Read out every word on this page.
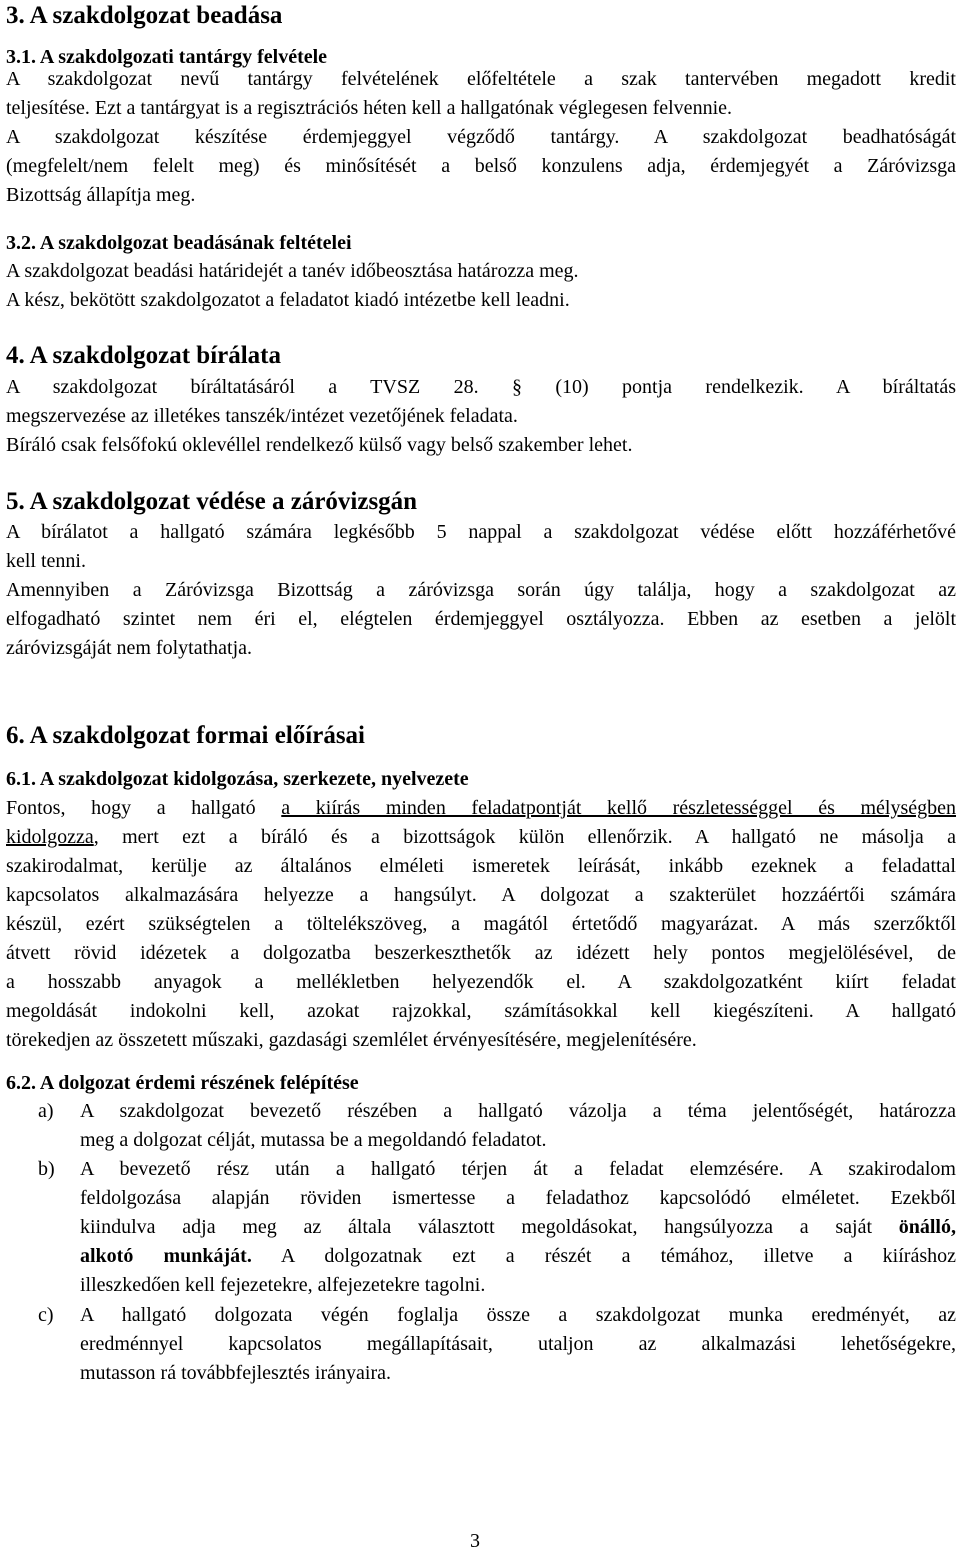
3. A szakdolgozat beadása
3.1. A szakdolgozati tantárgy felvétele
A szakdolgozat nevű tantárgy felvételének előfeltétele a szak tantervében megadott kredit
teljesítése. Ezt a tantárgyat is a regisztrációs héten kell a hallgatónak véglegesen felvennie.
A szakdolgozat készítése érdemjeggyel végződő tantárgy. A szakdolgozat beadhatóságát
(megfelelt/nem felelt meg) és minősítését a belső konzulens adja, érdemjegyét a Záróvizsga
Bizottság állapítja meg.
3.2. A szakdolgozat beadásának feltételei
A szakdolgozat beadási határidejét a tanév időbeosztása határozza meg.
A kész, bekötött szakdolgozatot a feladatot kiadó intézetbe kell leadni.
4. A szakdolgozat bírálata
A szakdolgozat bíráltatásáról a TVSZ 28. § (10) pontja rendelkezik. A bíráltatás
megszervezése az illetékes tanszék/intézet vezetőjének feladata.
Bíráló csak felsőfokú oklevéllel rendelkező külső vagy belső szakember lehet.
5. A szakdolgozat védése a záróvizsgán
A bírálatot a hallgató számára legkésőbb 5 nappal a szakdolgozat védése előtt hozzáférhetővé
kell tenni.
Amennyiben a Záróvizsga Bizottság a záróvizsga során úgy találja, hogy a szakdolgozat az
elfogadható szintet nem éri el, elégtelen érdemjeggyel osztályozza. Ebben az esetben a jelölt
záróvizsgáját nem folytathatja.
6. A szakdolgozat formai előírásai
6.1. A szakdolgozat kidolgozása, szerkezete, nyelvezete
Fontos, hogy a hallgató a kiírás minden feladatpontját kellő részletességgel és mélységben
kidolgozza, mert ezt a bíráló és a bizottságok külön ellenőrzik. A hallgató ne másolja a
szakirodalmat, kerülje az általános elméleti ismeretek leírását, inkább ezeknek a feladattal
kapcsolatos alkalmazására helyezze a hangsúlyt. A dolgozat a szakterület hozzáértői számára
készül, ezért szükségtelen a töltelékszöveg, a magától értetődő magyarázat. A más szerzőktől
átvett rövid idézetek a dolgozatba beszerkeszthetők az idézett hely pontos megjelölésével, de
a hosszabb anyagok a mellékletben helyezendők el. A szakdolgozatként kiírt feladat
megoldását indokolni kell, azokat rajzokkal, számításokkal kell kiegészíteni. A hallgató
törekedjen az összetett műszaki, gazdasági szemlélet érvényesítésére, megjelenítésére.
6.2. A dolgozat érdemi részének felépítése
a)	A szakdolgozat bevezető részében a hallgató vázolja a téma jelentőségét, határozza
meg a dolgozat célját, mutassa be a megoldandó feladatot.
b)	A bevezető rész után a hallgató térjen át a feladat elemzésére. A szakirodalom
feldolgozása alapján röviden ismertesse a feladathoz kapcsolódó elméletet. Ezekből
kiindulva adja meg az általa választott megoldásokat, hangsúlyozza a saját önálló,
alkotó munkáját. A dolgozatnak ezt a részét a témához, illetve a kiíráshoz
illeszkedően kell fejezetekre, alfejezetekre tagolni.
c)	A hallgató dolgozata végén foglalja össze a szakdolgozat munka eredményét, az
eredménnyel kapcsolatos megállapításait, utaljon az alkalmazási lehetőségekre,
mutasson rá továbbfejlesztés irányaira.
3
